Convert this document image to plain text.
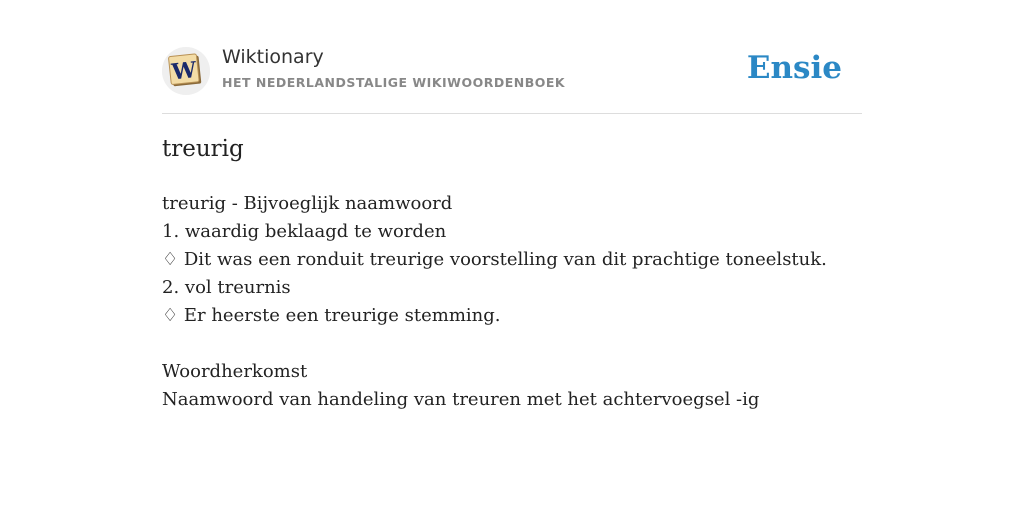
W Wiktionary
HET NEDERLANDSTALIGE WIKIWOORDENBOEK	Ensie
treurig
treurig - Bijvoeglijk naamwoord
1. waardig beklaagd te worden
♢ Dit was een ronduit treurige voorstelling van dit prachtige toneelstuk.
2. vol treurnis
♢ Er heerste een treurige stemming.
Woordherkomst
Naamwoord van handeling van treuren met het achtervoegsel -ig
